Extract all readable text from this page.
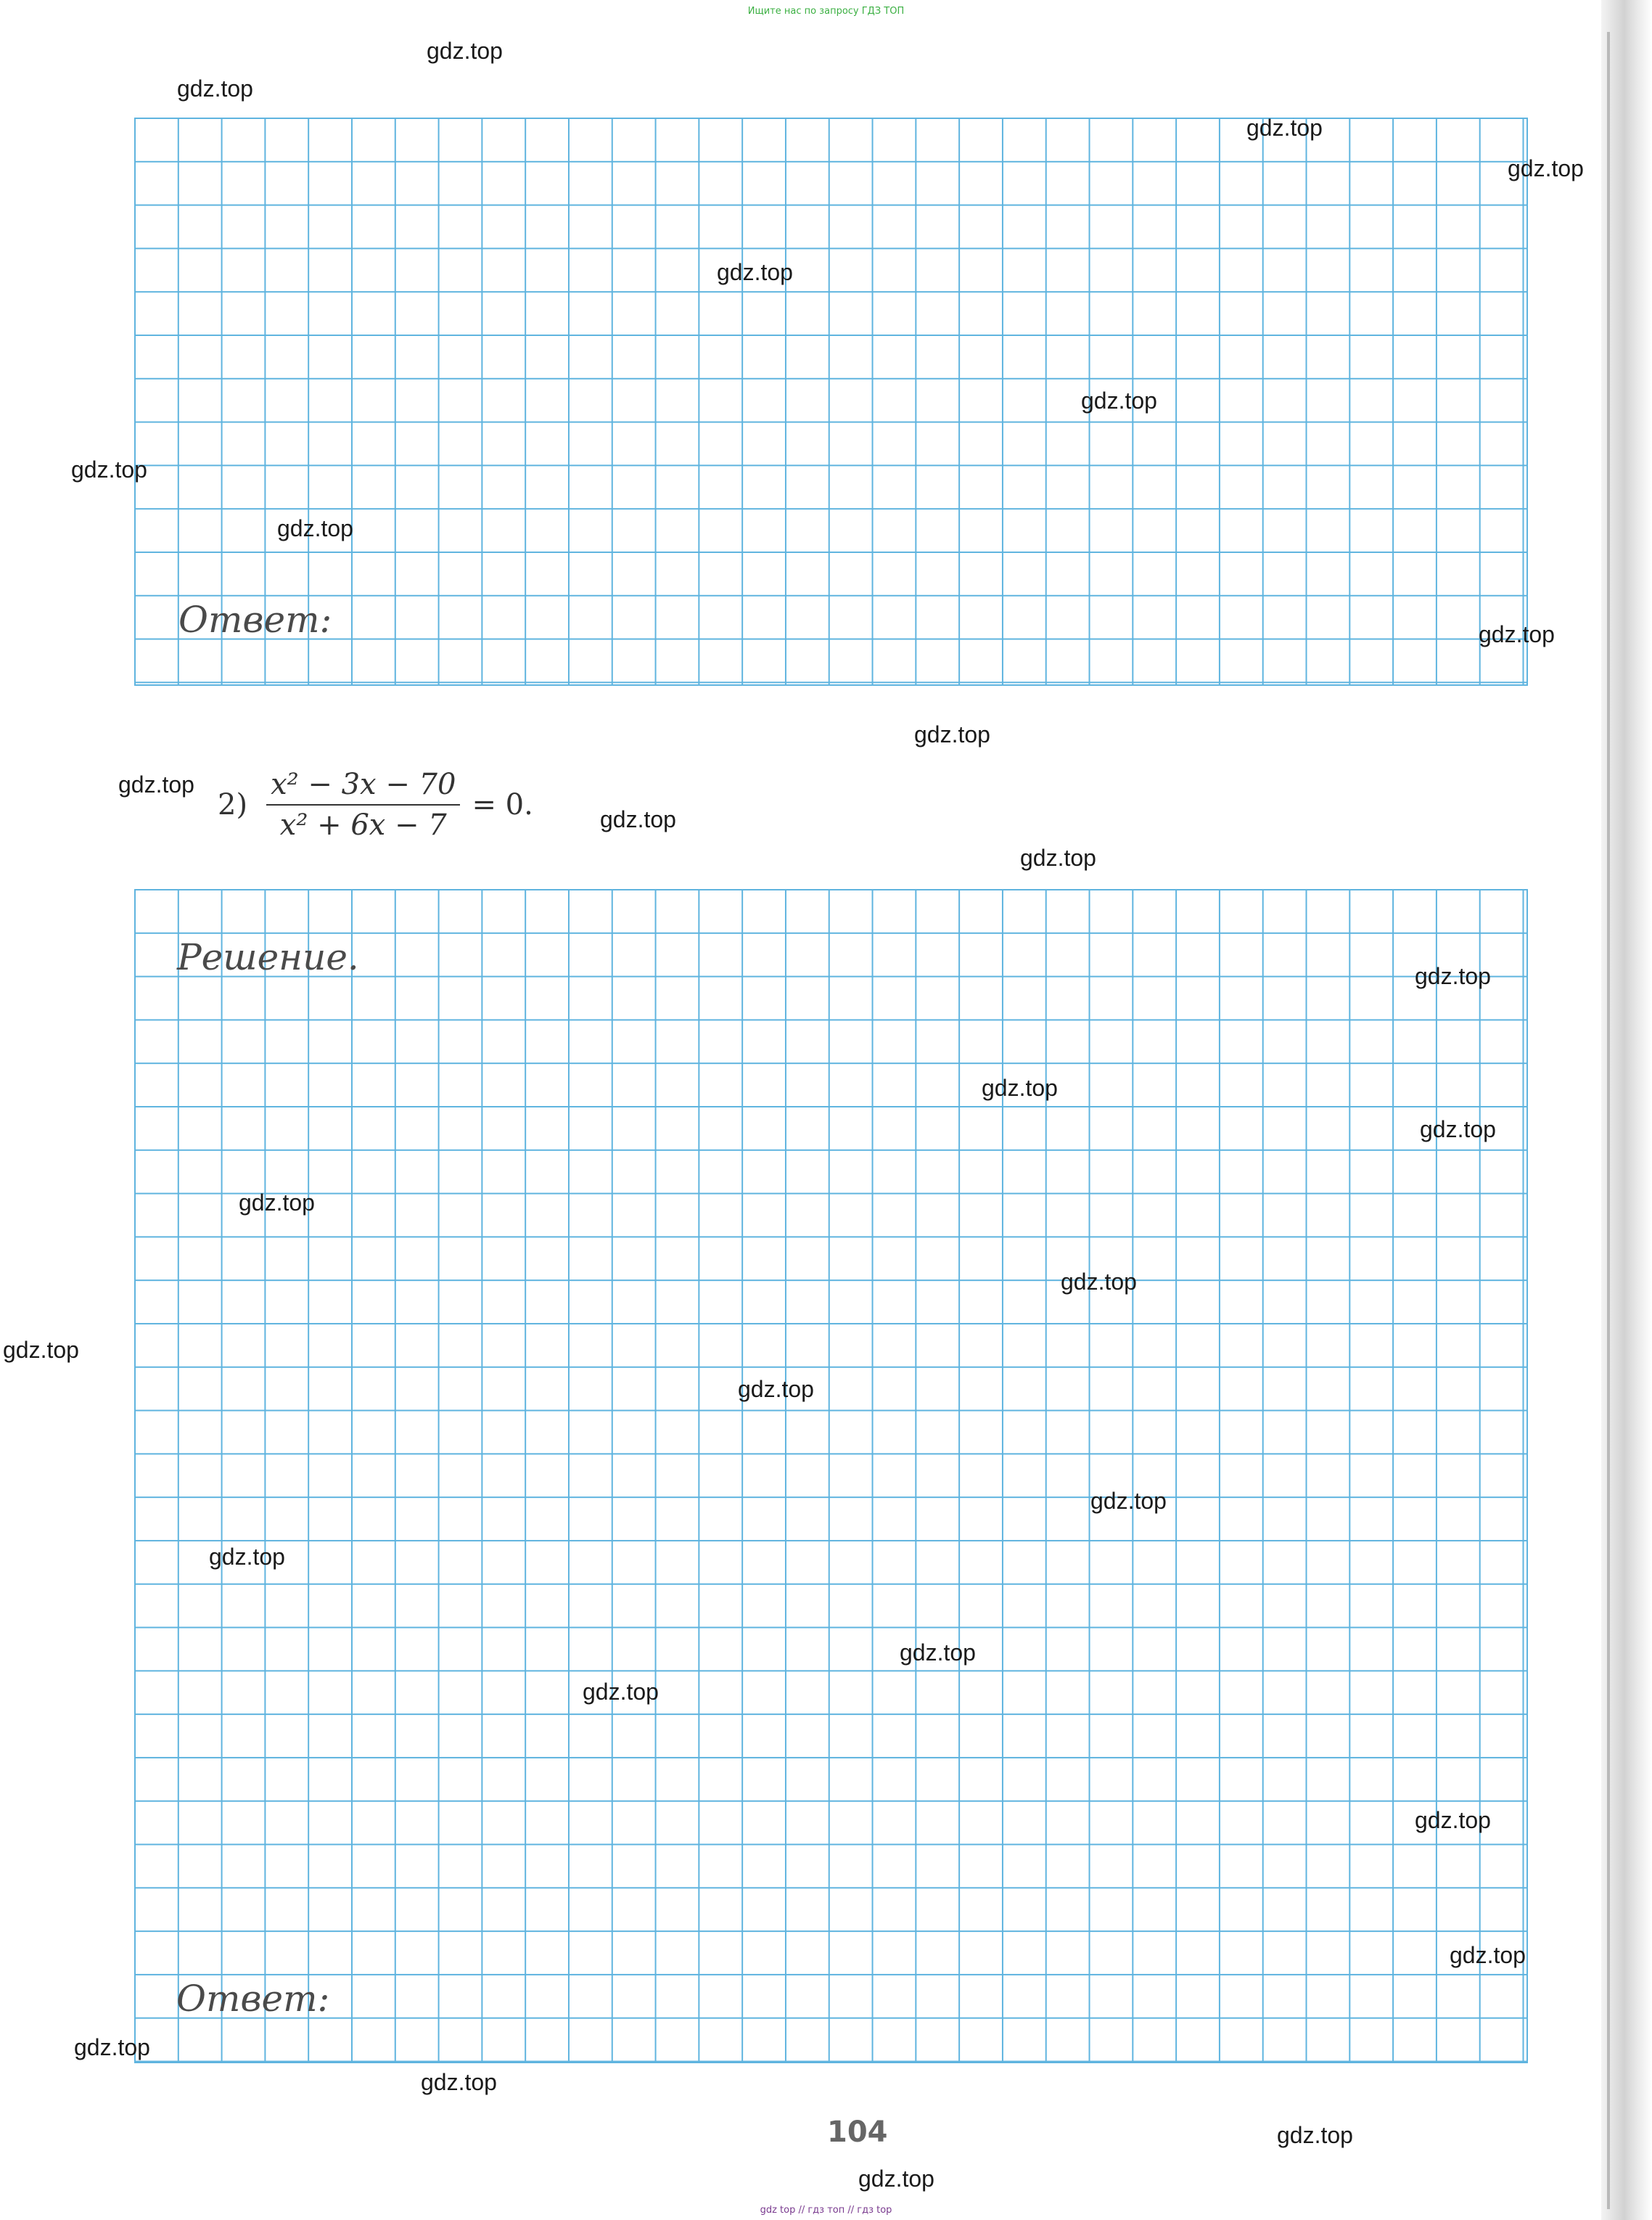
Ищите нас по запросу ГДЗ ТОП
Ответ:
$2) \frac{\text{x² − 3x − 70}}{\text{x² + 6x − 7}} = 0$.
Решение.
Ответ:
104
gdz top // гдз топ // гдз top
gdz.top
gdz.top
gdz.top
gdz.top
gdz.top
gdz.top
gdz.top
gdz.top
gdz.top
gdz.top
gdz.top
gdz.top
gdz.top
gdz.top
gdz.top
gdz.top
gdz.top
gdz.top
gdz.top
gdz.top
gdz.top
gdz.top
gdz.top
gdz.top
gdz.top
gdz.top
gdz.top
gdz.top
gdz.top
gdz.top
